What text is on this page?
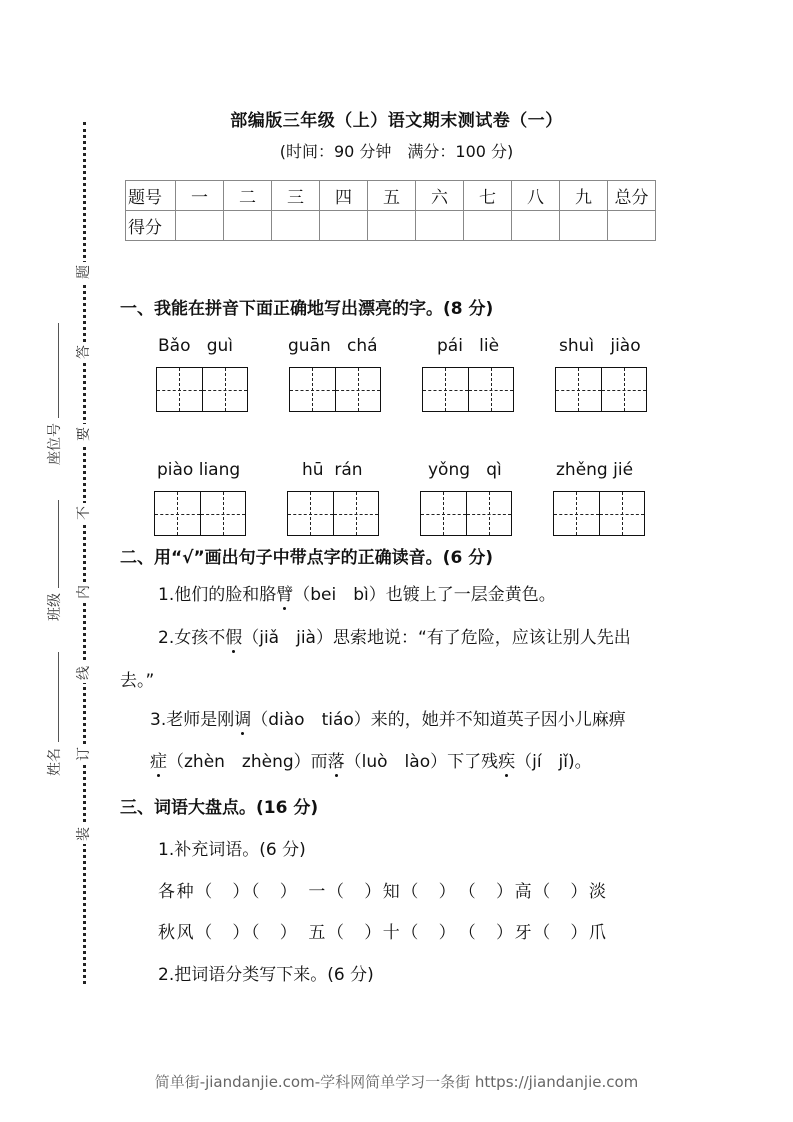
题
答
要
不
内
线
订
装
座位号
班级
姓名
部编版三年级（上）语文期末测试卷（一）
(时间：90 分钟　满分：100 分)
题号	一	二	三	四	五	六	七	八	九	总分
得分										
一、我能在拼音下面正确地写出漂亮的字。(8 分)
Bǎo   guì	guān   chá	pái   liè	shuì   jiào
piào liang	hū  rán	yǒng   qì	zhěng jié
二、用“√”画出句子中带点字的正确读音。(6 分)
1.他们的脸和胳臂（bei　bì）也镀上了一层金黄色。
2.女孩不假（jiǎ　jià）思索地说：“有了危险，应该让别人先出
去。”
3.老师是刚调（diào　tiáo）来的，她并不知道英子因小儿麻痹
症（zhèn　zhèng）而落（luò　lào）下了残疾（jí　jǐ)。
三、词语大盘点。(16 分)
1.补充词语。(6 分)
各种（　）（　）　一（　）知（　）　（　）高（　）淡
秋风（　）（　）　五（　）十（　）　（　）牙（　）爪
2.把词语分类写下来。(6 分)
简单街-jiandanjie.com-学科网简单学习一条街 https://jiandanjie.com
